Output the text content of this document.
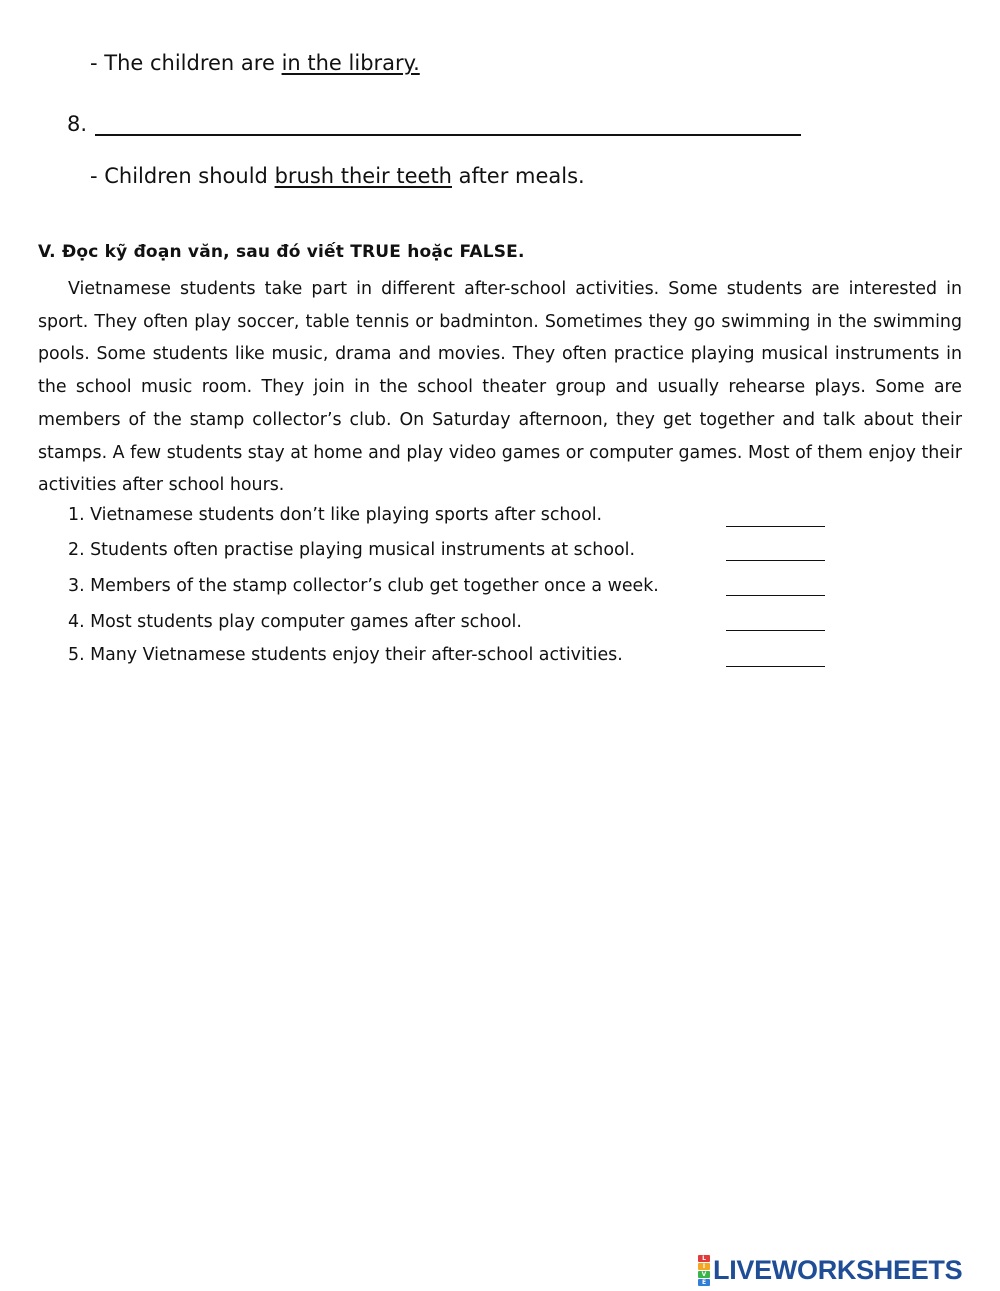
- The children are in the library.
8.
- Children should brush their teeth after meals.
V. Đọc kỹ đoạn văn, sau đó viết TRUE hoặc FALSE.

Vietnamese students take part in different after-school activities. Some students are interested in sport. They often play soccer, table tennis or badminton. Sometimes they go swimming in the swimming pools. Some students like music, drama and movies. They often practice playing musical instruments in the school music room. They join in the school theater group and usually rehearse plays. Some are members of the stamp collector’s club. On Saturday afternoon, they get together and talk about their stamps. A few students stay at home and play video games or computer games. Most of them enjoy their activities after school hours.

1. Vietnamese students don’t like playing sports after school.
2. Students often practise playing musical instruments at school.
3. Members of the stamp collector’s club get together once a week.
4. Most students play computer games after school.
5. Many Vietnamese students enjoy their after-school activities.
L
I
V
E LIVEWORKSHEETS
